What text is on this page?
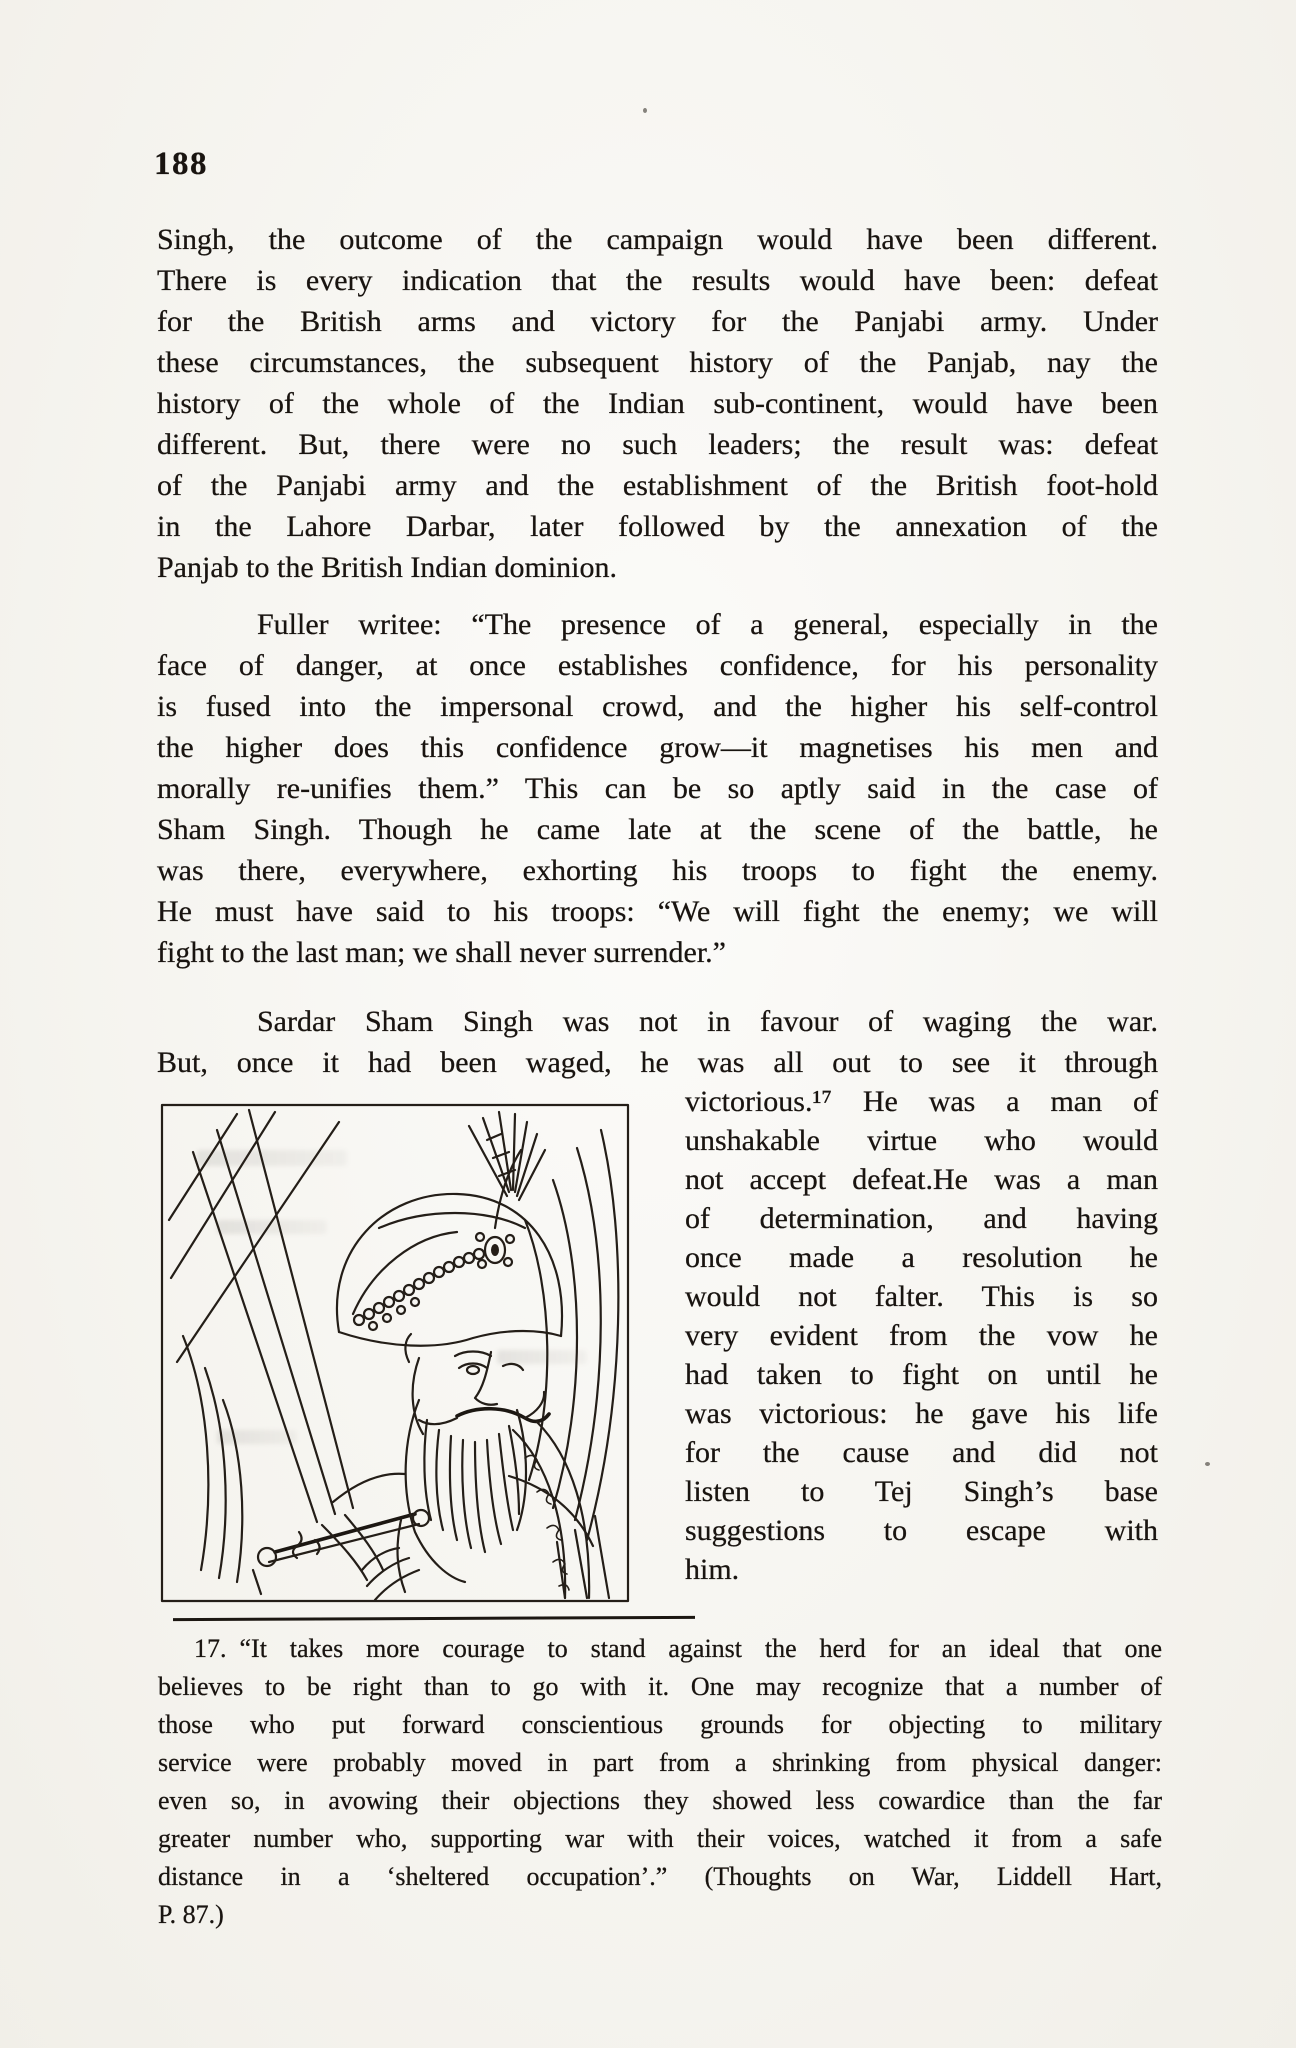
188
Singh, the outcome of the campaign would have been different.
There is every indication that the results would have been: defeat
for the British arms and victory for the Panjabi army. Under
these circumstances, the subsequent history of the Panjab, nay the
history of the whole of the Indian sub-continent, would have been
different. But, there were no such leaders; the result was: defeat
of the Panjabi army and the establishment of the British foot-hold
in the Lahore Darbar, later followed by the annexation of the
Panjab to the British Indian dominion.
Fuller writee: “The presence of a general, especially in the
face of danger, at once establishes confidence, for his personality
is fused into the impersonal crowd, and the higher his self-control
the higher does this confidence grow—it magnetises his men and
morally re-unifies them.” This can be so aptly said in the case of
Sham Singh. Though he came late at the scene of the battle, he
was there, everywhere, exhorting his troops to fight the enemy.
He must have said to his troops: “We will fight the enemy; we will
fight to the last man; we shall never surrender.”
Sardar Sham Singh was not in favour of waging the war.
But, once it had been waged, he was all out to see it through
victorious.¹⁷ He was a man of
unshakable virtue who would
not accept defeat.He was a man
of determination, and having
once made a resolution he
would not falter. This is so
very evident from the vow he
had taken to fight on until he
was victorious: he gave his life
for the cause and did not
listen to Tej Singh’s base
suggestions to escape with
him.
17. “It takes more courage to stand against the herd for an ideal that one
believes to be right than to go with it. One may recognize that a number of
those who put forward conscientious grounds for objecting to military
service were probably moved in part from a shrinking from physical danger:
even so, in avowing their objections they showed less cowardice than the far
greater number who, supporting war with their voices, watched it from a safe
distance in a ‘sheltered occupation’.” (Thoughts on War, Liddell Hart,
P. 87.)
